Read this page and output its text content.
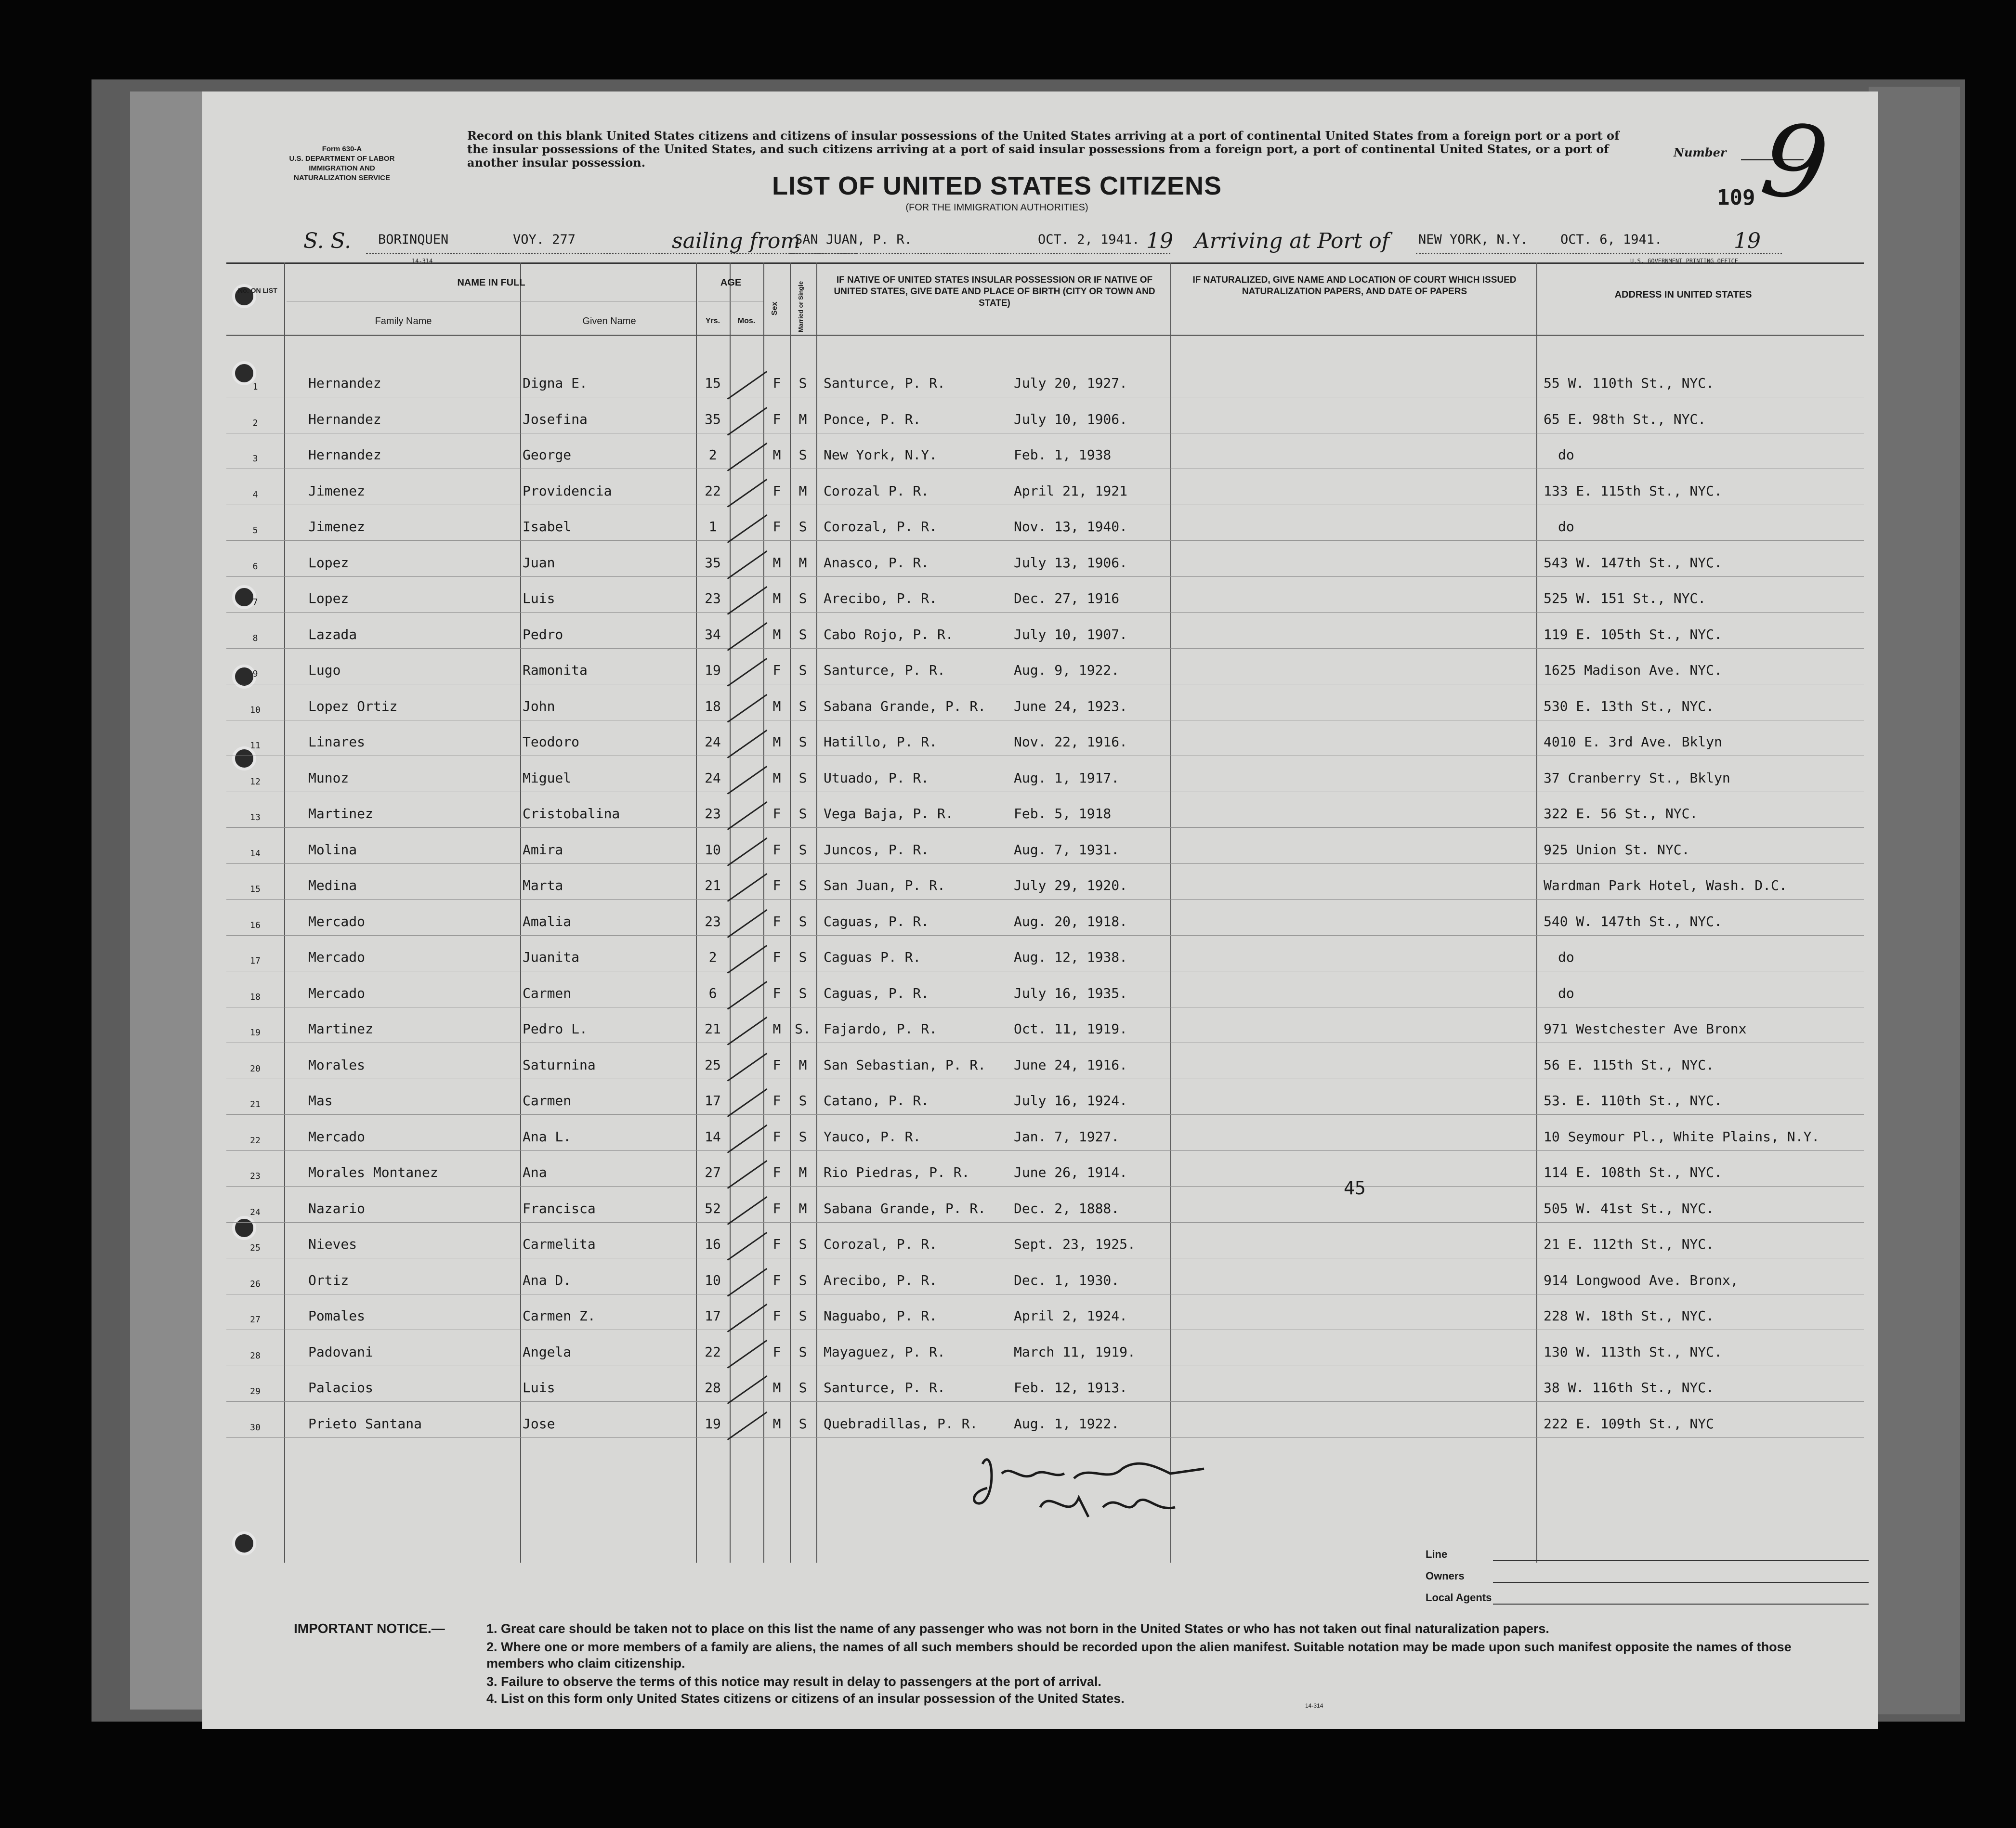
Form 630-A
U.S. DEPARTMENT OF LABOR
IMMIGRATION AND
NATURALIZATION SERVICE
Record on this blank United States citizens and citizens of insular possessions of the United States arriving at a port of continental United States from a foreign port or a port of the insular possessions of the United States, and such citizens arriving at a port of said insular possessions from a foreign port, a port of continental United States, or a port of another insular possession.
Number 9
109
LIST OF UNITED STATES CITIZENS
(FOR THE IMMIGRATION AUTHORITIES)
S. S. BORINQUEN	VOY. 277
14-314
sailing from
SAN JUAN, P. R.	OCT. 2, 1941. 19 Arriving at Port of NEW YORK, N.Y. OCT. 6, 1941.	19
U.S. GOVERNMENT PRINTING OFFICE
No. ON LIST
NAME IN FULL
Family Name	Given Name
AGE
Yrs.	Mos.
Sex	Married or Single
IF NATIVE OF UNITED STATES INSULAR POSSESSION OR IF NATIVE OF UNITED STATES, GIVE DATE AND PLACE OF BIRTH (CITY OR TOWN AND STATE)
IF NATURALIZED, GIVE NAME AND LOCATION OF COURT WHICH ISSUED NATURALIZATION PAPERS, AND DATE OF PAPERS	ADDRESS IN UNITED STATES
1	Hernandez	Digna E.	15	F	S	Santurce, P. R.	July 20, 1927.	55 W. 110th St., NYC.
2	Hernandez	Josefina	35	F	M	Ponce, P. R.	July 10, 1906.	65 E. 98th St., NYC.
3	Hernandez	George	2	M	S	New York, N.Y.	Feb. 1, 1938	do
4	Jimenez	Providencia	22	F	M	Corozal P. R.	April 21, 1921	133 E. 115th St., NYC.
5	Jimenez	Isabel	1	F	S	Corozal, P. R.	Nov. 13, 1940.	do
6	Lopez	Juan	35	M	M	Anasco, P. R.	July 13, 1906.	543 W. 147th St., NYC.
7	Lopez	Luis	23	M	S	Arecibo, P. R.	Dec. 27, 1916	525 W. 151 St., NYC.
8	Lazada	Pedro	34	M	S	Cabo Rojo, P. R.	July 10, 1907.	119 E. 105th St., NYC.
9	Lugo	Ramonita	19	F	S	Santurce, P. R.	Aug. 9, 1922.	1625 Madison Ave. NYC.
10	Lopez Ortiz	John	18	M	S	Sabana Grande, P. R. June 24, 1923.	530 E. 13th St., NYC.
11	Linares	Teodoro	24	M	S	Hatillo, P. R.	Nov. 22, 1916.	4010 E. 3rd Ave. Bklyn
12	Munoz	Miguel	24	M	S	Utuado, P. R.	Aug. 1, 1917.	37 Cranberry St., Bklyn
13	Martinez	Cristobalina	23	F	S	Vega Baja, P. R.	Feb. 5, 1918	322 E. 56 St., NYC.
14	Molina	Amira	10	F	S	Juncos, P. R.	Aug. 7, 1931.	925 Union St. NYC.
15	Medina	Marta	21	F	S	San Juan, P. R.	July 29, 1920.	Wardman Park Hotel, Wash. D.C.
16	Mercado	Amalia	23	F	S	Caguas, P. R.	Aug. 20, 1918.	540 W. 147th St., NYC.
17	Mercado	Juanita	2	F	S	Caguas P. R.	Aug. 12, 1938.	do
18	Mercado	Carmen	6	F	S	Caguas, P. R.	July 16, 1935.	do
19	Martinez	Pedro L.	21	M	S. Fajardo, P. R.	Oct. 11, 1919.	971 Westchester Ave Bronx
20	Morales	Saturnina	25	F	M	San Sebastian, P. R. June 24, 1916.	56 E. 115th St., NYC.
21	Mas	Carmen	17	F	S	Catano, P. R.	July 16, 1924.	53. E. 110th St., NYC.
22	Mercado	Ana L.	14	F	S	Yauco, P. R.	Jan. 7, 1927.	10 Seymour Pl., White Plains, N.Y.
23	Morales Montanez	Ana	27	F	M	Rio Piedras, P. R.	June 26, 1914.	114 E. 108th St., NYC.
24	Nazario	Francisca	52	F	M	Sabana Grande, P. R. Dec. 2, 1888.	505 W. 41st St., NYC.
25	Nieves	Carmelita	16	F	S	Corozal, P. R.	Sept. 23, 1925.	21 E. 112th St., NYC.
26	Ortiz	Ana D.	10	F	S	Arecibo, P. R.	Dec. 1, 1930.	914 Longwood Ave. Bronx,
27	Pomales	Carmen Z.	17	F	S	Naguabo, P. R.	April 2, 1924.	228 W. 18th St., NYC.
28	Padovani	Angela	22	F	S	Mayaguez, P. R.	March 11, 1919.	130 W. 113th St., NYC.
29	Palacios	Luis	28	M	S	Santurce, P. R.	Feb. 12, 1913.	38 W. 116th St., NYC.
30	Prieto Santana	Jose	19	M	S	Quebradillas, P. R.	Aug. 1, 1922.	222 E. 109th St., NYC
45
Line
Owners
Local Agents
IMPORTANT NOTICE.—	1. Great care should be taken not to place on this list the name of any passenger who was not born in the United States or who has not taken out final naturalization papers.
2. Where one or more members of a family are aliens, the names of all such members should be recorded upon the alien manifest. Suitable notation may be made upon such manifest opposite the names of those members who claim citizenship.
3. Failure to observe the terms of this notice may result in delay to passengers at the port of arrival.
4. List on this form only United States citizens or citizens of an insular possession of the United States.	14-314
